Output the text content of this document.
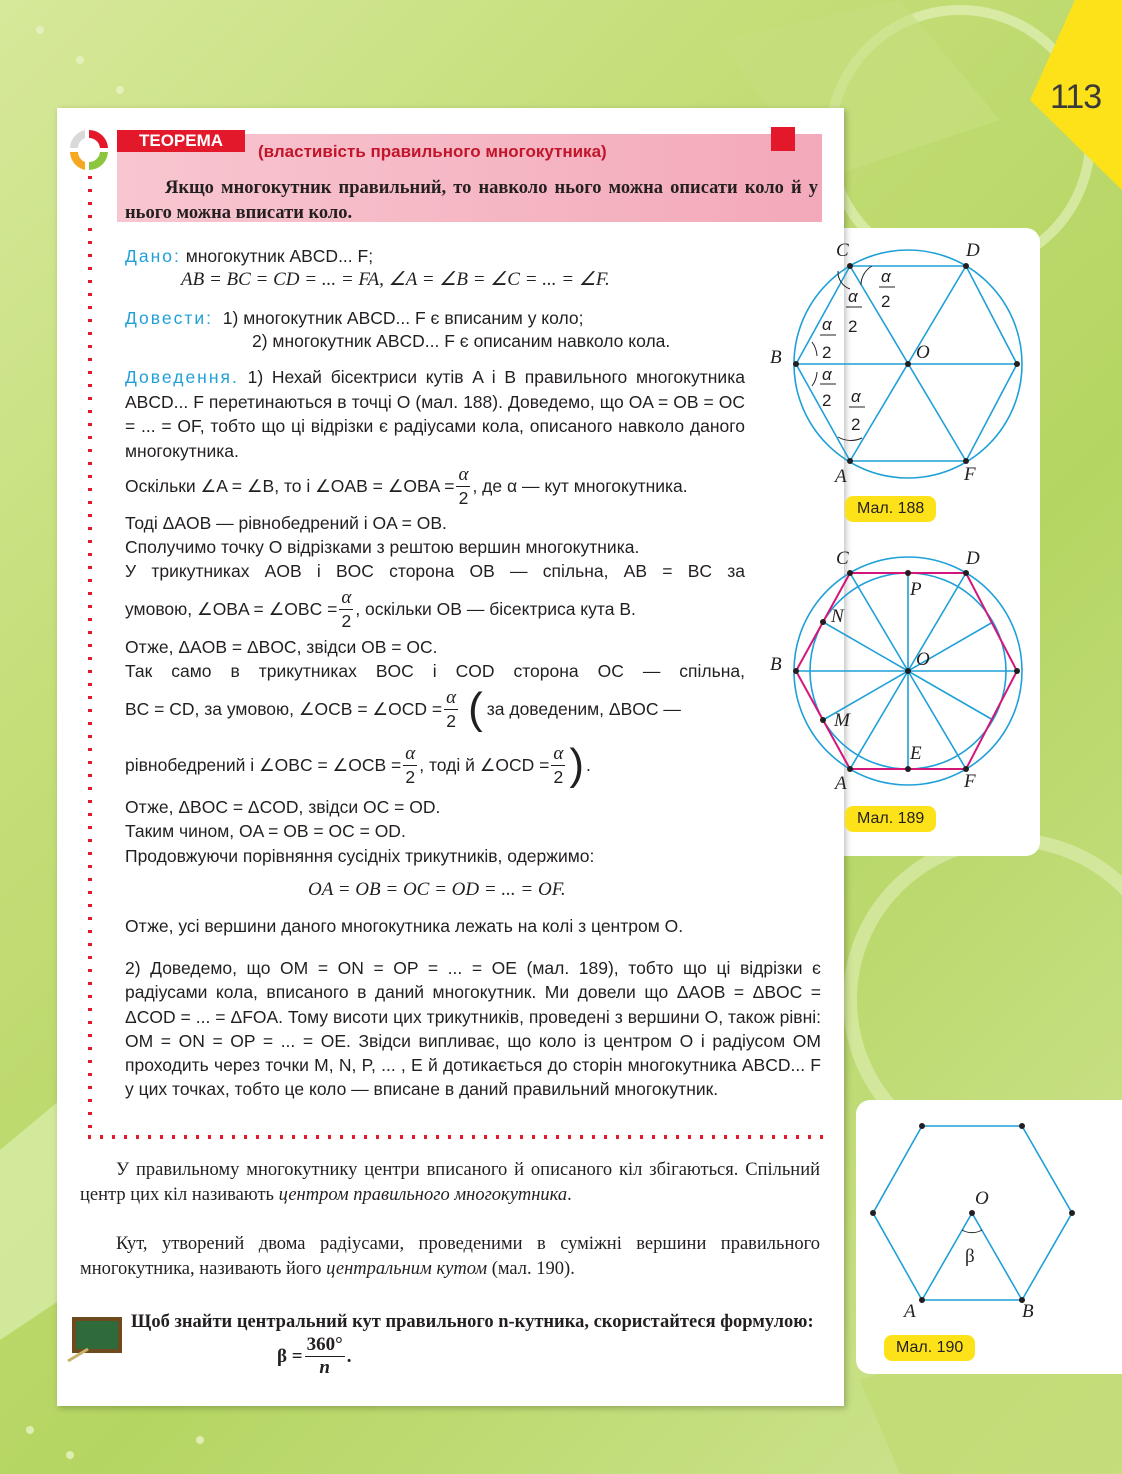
113
ТЕОРЕМА
(властивість правильного многокутника)
Якщо многокутник правильний, то навколо нього можна описати коло й у нього можна вписати коло.
Дано: многокутник ABCD... F;
AB = BC = CD = ... = FA, ∠A = ∠B = ∠C = ... = ∠F.
Довести: 1) многокутник ABCD... F є вписаним у коло;
2) многокутник ABCD... F є описаним навколо кола.
Доведення. 1) Нехай бісектриси кутів A і B правильного многокутника ABCD... F перетинаються в точці O (мал. 188). Доведемо, що OA = OB = OC = ... = OF, тобто що ці відрізки є радіусами кола, описаного навколо даного многокутника.
Оскільки ∠A = ∠B, то і ∠OAB = ∠OBA = $\frac{\alpha}{2}$ , де α — кут многокутника.
Тоді ΔAOB — рівнобедрений і OA = OB.
Сполучимо точку O відрізками з рештою вершин многокутника.
У трикутниках AOB і BOC сторона OB — спільна, AB = BC за
умовою, ∠OBA = ∠OBC = $\frac{\alpha}{2}$ , оскільки OB — бісектриса кута B.
Отже, ΔAOB = ΔBOC, звідси OB = OC.
Так само в трикутниках BOC і COD сторона OC — спільна,
BC = CD, за умовою, ∠OCB = ∠OCD = $\frac{\alpha}{2}$ ( за доведеним, ΔBOC —
рівнобедрений і ∠OBC = ∠OCB = $\frac{\alpha}{2}$ , тоді й ∠OCD = $\frac{\alpha}{2}$ ) .
Отже, ΔBOC = ΔCOD, звідси OC = OD.
Таким чином, OA = OB = OC = OD.
Продовжуючи порівняння сусідніх трикутників, одержимо:
OA = OB = OC = OD = ... = OF.
Отже, усі вершини даного многокутника лежать на колі з центром O.
2) Доведемо, що OM = ON = OP = ... = OE (мал. 189), тобто що ці відрізки є радіусами кола, вписаного в даний многокутник. Ми довели що ΔAOB = ΔBOC = ΔCOD = ... = ΔFOA. Тому висоти цих трикутників, проведені з вершини O, також рівні: OM = ON = OP = ... = OE. Звідси випливає, що коло із центром O і радіусом OM проходить через точки M, N, P, ... , E й дотикається до сторін многокутника ABCD... F у цих точках, тобто це коло — вписане в даний правильний многокутник.
У правильному многокутнику центри вписаного й описаного кіл збігаються. Спільний центр цих кіл називають центром правильного многокутника.
Кут, утворений двома радіусами, проведеними в суміжні вершини правильного многокутника, називають його центральним кутом (мал. 190).
Щоб знайти центральний кут правильного n-кутника, скористайтеся формулою:
$\beta = \frac{360^\circ}{n}$ .
α
2
α
2
α
2
α
2 α
2
C	D
B	O
A	F
Мал. 188
C	D
P
N
B	O
M
E
A	F
Мал. 189
O
β
A	B
Мал. 190
